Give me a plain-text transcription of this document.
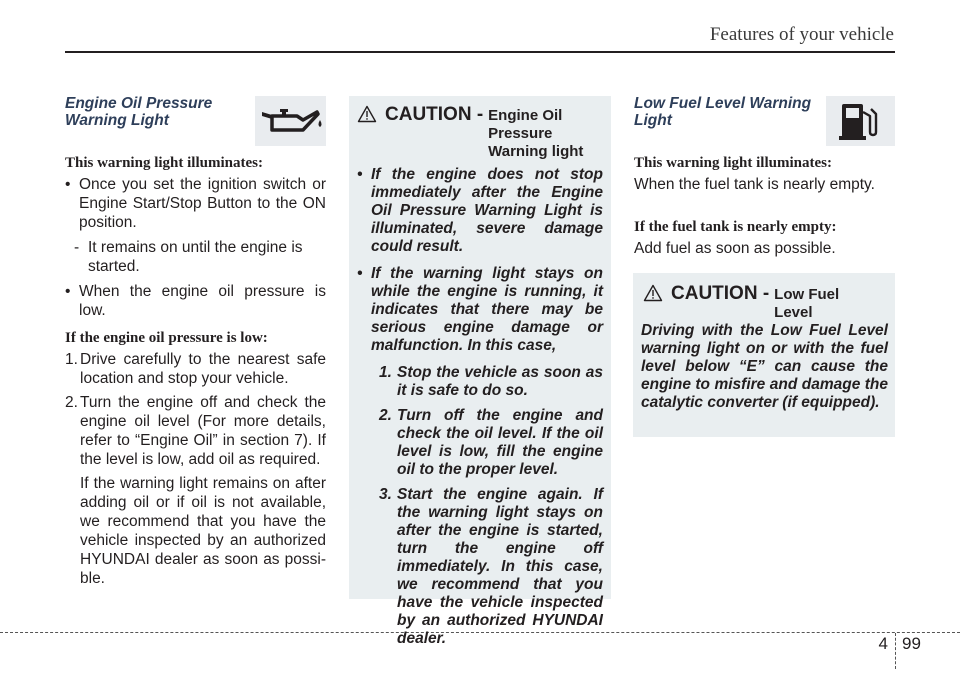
Features of your vehicle
4 99
Engine Oil Pressure Warning Light
This warning light illuminates:
• Once you set the ignition switch or Engine Start/Stop Button to the ON position.
- It remains on until the engine is started.
• When the engine oil pressure is low.
If the engine oil pressure is low:
1. Drive carefully to the nearest safe location and stop your vehicle.
2. Turn the engine off and check the engine oil level (For more details, refer to “Engine Oil” in section 7). If the level is low, add oil as required.

If the warning light remains on after adding oil or if oil is not available, we recommend that you have the vehicle inspected by an authorized HYUNDAI dealer as soon as possi-ble.

CAUTION - Engine Oil Pressure Warning light
• If the engine does not stop immediately after the Engine Oil Pressure Warning Light is illuminated, severe damage could result.
• If the warning light stays on while the engine is running, it indicates that there may be serious engine damage or malfunction. In this case,
1. Stop the vehicle as soon as it is safe to do so.
2. Turn off the engine and check the oil level. If the oil level is low, fill the engine oil to the proper level.
3. Start the engine again. If the warning light stays on after the engine is started, turn the engine off immediately. In this case, we recommend that you have the vehicle inspected by an authorized HYUNDAI dealer.
Low Fuel Level Warning Light
This warning light illuminates:
When the fuel tank is nearly empty.
If the fuel tank is nearly empty:
Add fuel as soon as possible.
CAUTION - Low Fuel Level
Driving with the Low Fuel Level warning light on or with the fuel level below “E” can cause the engine to misfire and damage the catalytic converter (if equipped).
